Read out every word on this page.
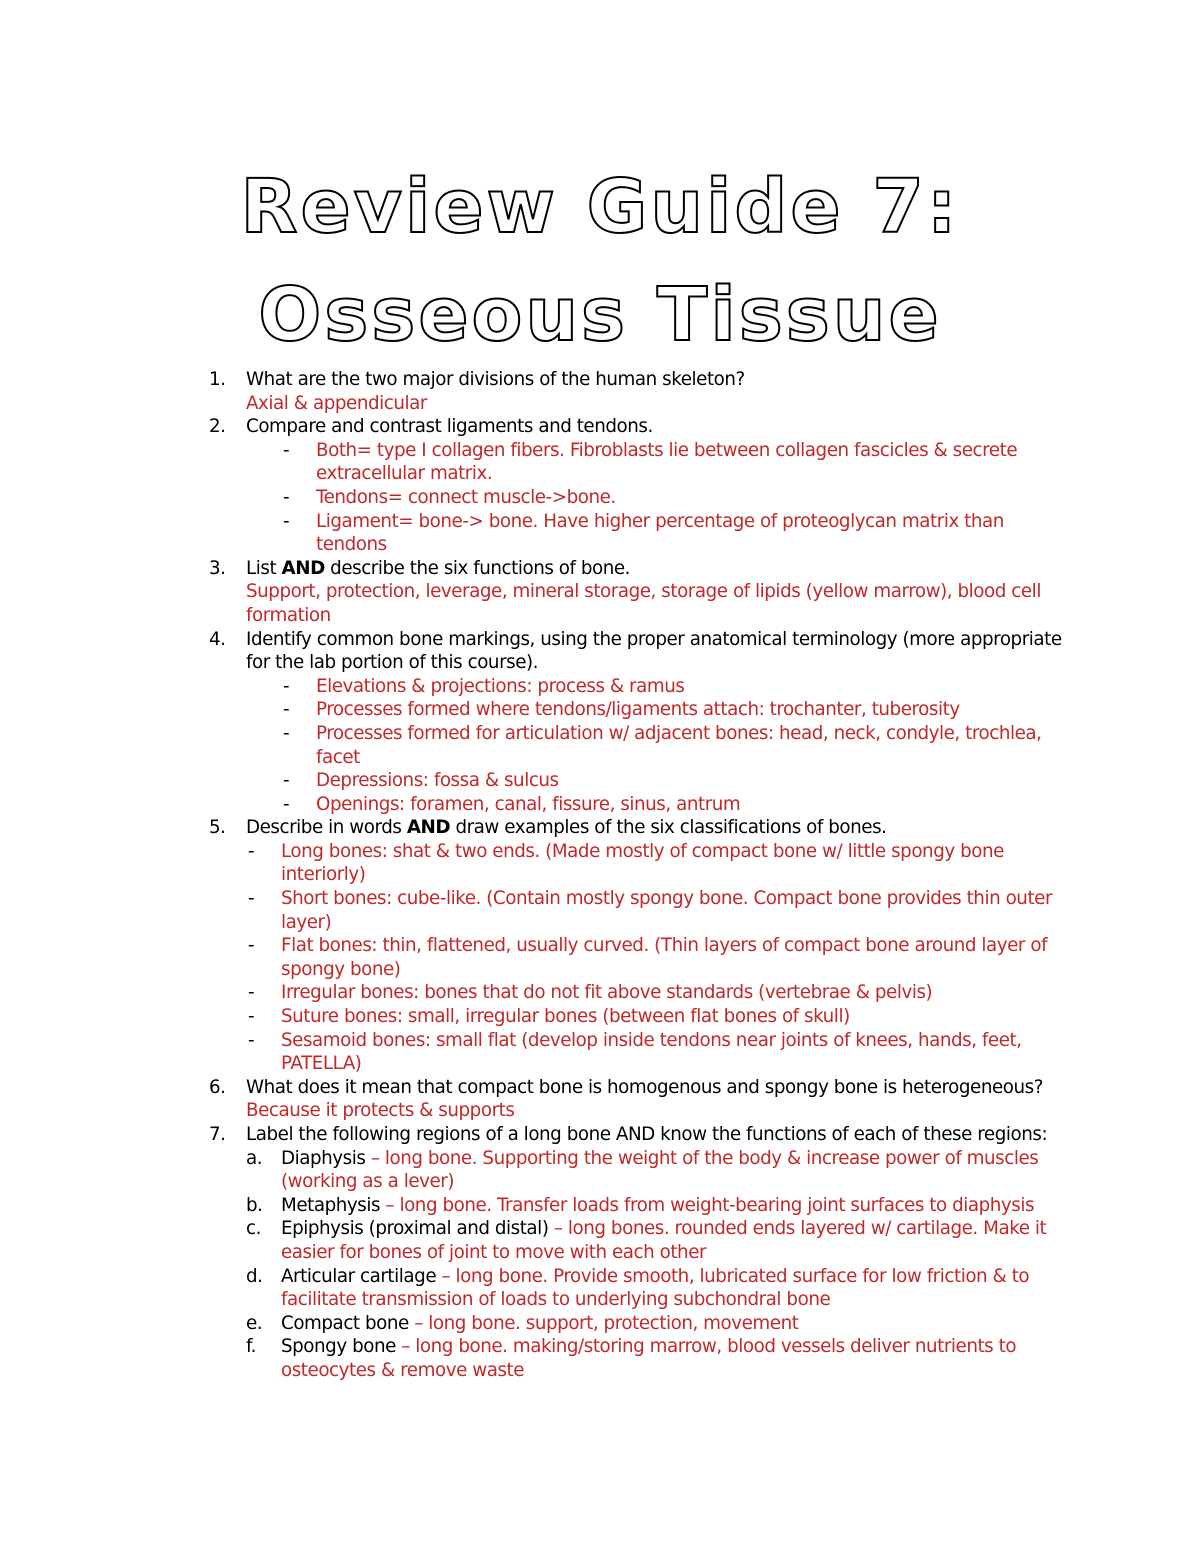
Review Guide 7:
Osseous Tissue
1.	What are the two major divisions of the human skeleton?
Axial & appendicular
2.	Compare and contrast ligaments and tendons.
- Both= type I collagen fibers. Fibroblasts lie between collagen fascicles & secrete
extracellular matrix.
- Tendons= connect muscle->bone.
- Ligament= bone-> bone. Have higher percentage of proteoglycan matrix than
tendons
3.	List AND describe the six functions of bone.
Support, protection, leverage, mineral storage, storage of lipids (yellow marrow), blood cell
formation
4.	Identify common bone markings, using the proper anatomical terminology (more appropriate
for the lab portion of this course).
- Elevations & projections: process & ramus
- Processes formed where tendons/ligaments attach: trochanter, tuberosity
- Processes formed for articulation w/ adjacent bones: head, neck, condyle, trochlea,
facet
- Depressions: fossa & sulcus
- Openings: foramen, canal, fissure, sinus, antrum
5.	Describe in words AND draw examples of the six classifications of bones.
- Long bones: shat & two ends. (Made mostly of compact bone w/ little spongy bone
interiorly)
- Short bones: cube-like. (Contain mostly spongy bone. Compact bone provides thin outer
layer)
- Flat bones: thin, flattened, usually curved. (Thin layers of compact bone around layer of
spongy bone)
- Irregular bones: bones that do not fit above standards (vertebrae & pelvis)
- Suture bones: small, irregular bones (between flat bones of skull)
- Sesamoid bones: small flat (develop inside tendons near joints of knees, hands, feet,
PATELLA)
6.	What does it mean that compact bone is homogenous and spongy bone is heterogeneous?
Because it protects & supports
7.	Label the following regions of a long bone AND know the functions of each of these regions:
a. Diaphysis – long bone. Supporting the weight of the body & increase power of muscles
(working as a lever)
b. Metaphysis – long bone. Transfer loads from weight-bearing joint surfaces to diaphysis
c. Epiphysis (proximal and distal) – long bones. rounded ends layered w/ cartilage. Make it
easier for bones of joint to move with each other
d. Articular cartilage – long bone. Provide smooth, lubricated surface for low friction & to
facilitate transmission of loads to underlying subchondral bone
e. Compact bone – long bone. support, protection, movement
f. Spongy bone – long bone. making/storing marrow, blood vessels deliver nutrients to
osteocytes & remove waste
